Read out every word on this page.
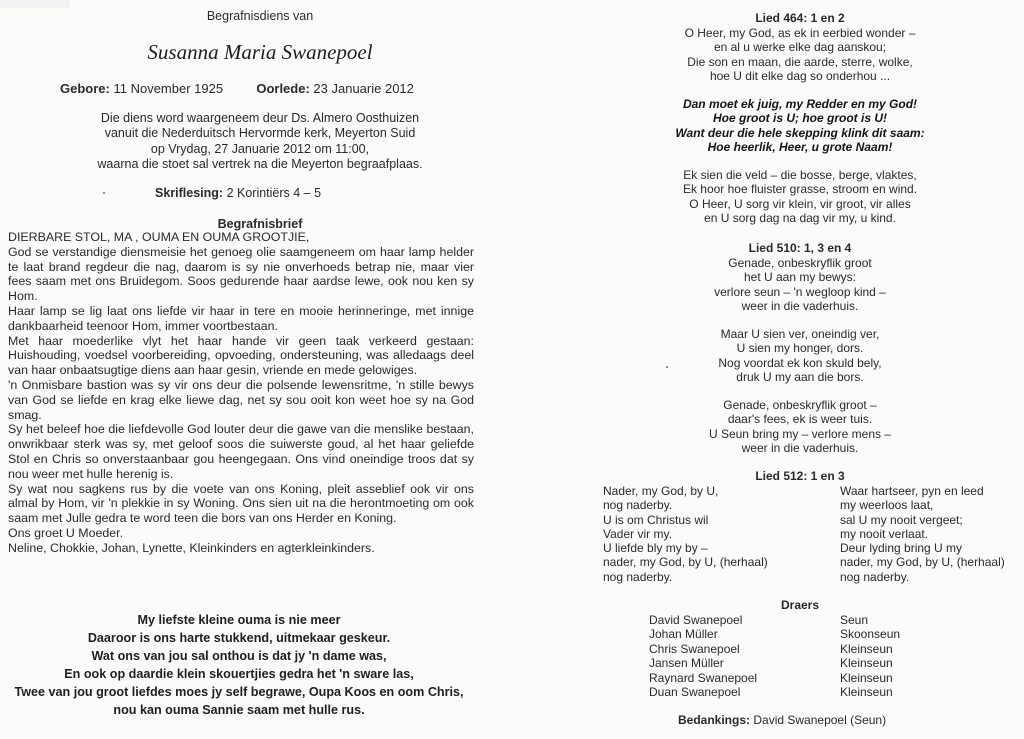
Begrafnisdiens van
Susanna Maria Swanepoel
Gebore: 11 November 1925	Oorlede: 23 Januarie 2012
Die diens word waargeneem deur Ds. Almero Oosthuizen
vanuit die Nederduitsch Hervormde kerk, Meyerton Suid
op Vrydag, 27 Januarie 2012 om 11:00,
waarna die stoet sal vertrek na die Meyerton begraafplaas.
Skriflesing: 2 Korintiërs 4 – 5
Begrafnisbrief
DIERBARE STOL, MA , OUMA EN OUMA GROOTJIE,
God se verstandige diensmeisie het genoeg olie saamgeneem om haar lamp helder te laat brand regdeur die nag, daarom is sy nie onverhoeds betrap nie, maar vier fees saam met ons Bruidegom. Soos gedurende haar aardse lewe, ook nou ken sy Hom.
Haar lamp se lig laat ons liefde vir haar in tere en mooie herinneringe, met innige dankbaarheid teenoor Hom, immer voortbestaan.
Met haar moederlike vlyt het haar hande vir geen taak verkeerd gestaan: Huishouding, voedsel voorbereiding, opvoeding, ondersteuning, was alledaags deel van haar onbaatsugtige diens aan haar gesin, vriende en mede gelowiges.
'n Onmisbare bastion was sy vir ons deur die polsende lewensritme, 'n stille bewys van God se liefde en krag elke liewe dag, net sy sou ooit kon weet hoe sy na God smag.
Sy het beleef hoe die liefdevolle God louter deur die gawe van die menslike bestaan, onwrikbaar sterk was sy, met geloof soos die suiwerste goud, al het haar geliefde Stol en Chris so onverstaanbaar gou heengegaan. Ons vind oneindige troos dat sy nou weer met hulle herenig is.
Sy wat nou sagkens rus by die voete van ons Koning, pleit asseblief ook vir ons almal by Hom, vir 'n plekkie in sy Woning. Ons sien uit na die herontmoeting om ook saam met Julle gedra te word teen die bors van ons Herder en Koning.
Ons groet U Moeder.
Neline, Chokkie, Johan, Lynette, Kleinkinders en agterkleinkinders.
My liefste kleine ouma is nie meer
Daaroor is ons harte stukkend, uitmekaar geskeur.
Wat ons van jou sal onthou is dat jy 'n dame was,
En ook op daardie klein skouertjies gedra het 'n sware las,
Twee van jou groot liefdes moes jy self begrawe, Oupa Koos en oom Chris,
nou kan ouma Sannie saam met hulle rus.
Lied 464: 1 en 2
O Heer, my God, as ek in eerbied wonder –
en al u werke elke dag aanskou;
Die son en maan, die aarde, sterre, wolke,
hoe U dit elke dag so onderhou ...
Dan moet ek juig, my Redder en my God!
Hoe groot is U; hoe groot is U!
Want deur die hele skepping klink dit saam:
Hoe heerlik, Heer, u grote Naam!
Ek sien die veld – die bosse, berge, vlaktes,
Ek hoor hoe fluister grasse, stroom en wind.
O Heer, U sorg vir klein, vir groot, vir alles
en U sorg dag na dag vir my, u kind.
Lied 510: 1, 3 en 4
Genade, onbeskryflik groot
het U aan my bewys:
verlore seun – 'n wegloop kind –
weer in die vaderhuis.
Maar U sien ver, oneindig ver,
U sien my honger, dors.
Nog voordat ek kon skuld bely,
druk U my aan die bors.
Genade, onbeskryflik groot –
daar's fees, ek is weer tuis.
U Seun bring my – verlore mens –
weer in die vaderhuis.
Lied 512: 1 en 3
Nader, my God, by U,
nog naderby.
U is om Christus wil
Vader vir my.
U liefde bly my by –
nader, my God, by U, (herhaal)
nog naderby.
Waar hartseer, pyn en leed
my weerloos laat,
sal U my nooit vergeet;
my nooit verlaat.
Deur lyding bring U my
nader, my God, by U, (herhaal)
nog naderby.
Draers
David Swanepoel	Seun
Johan Müller	Skoonseun
Chris Swanepoel	Kleinseun
Jansen Müller	Kleinseun
Raynard Swanepoel	Kleinseun
Duan Swanepoel	Kleinseun
Bedankings: David Swanepoel (Seun)
